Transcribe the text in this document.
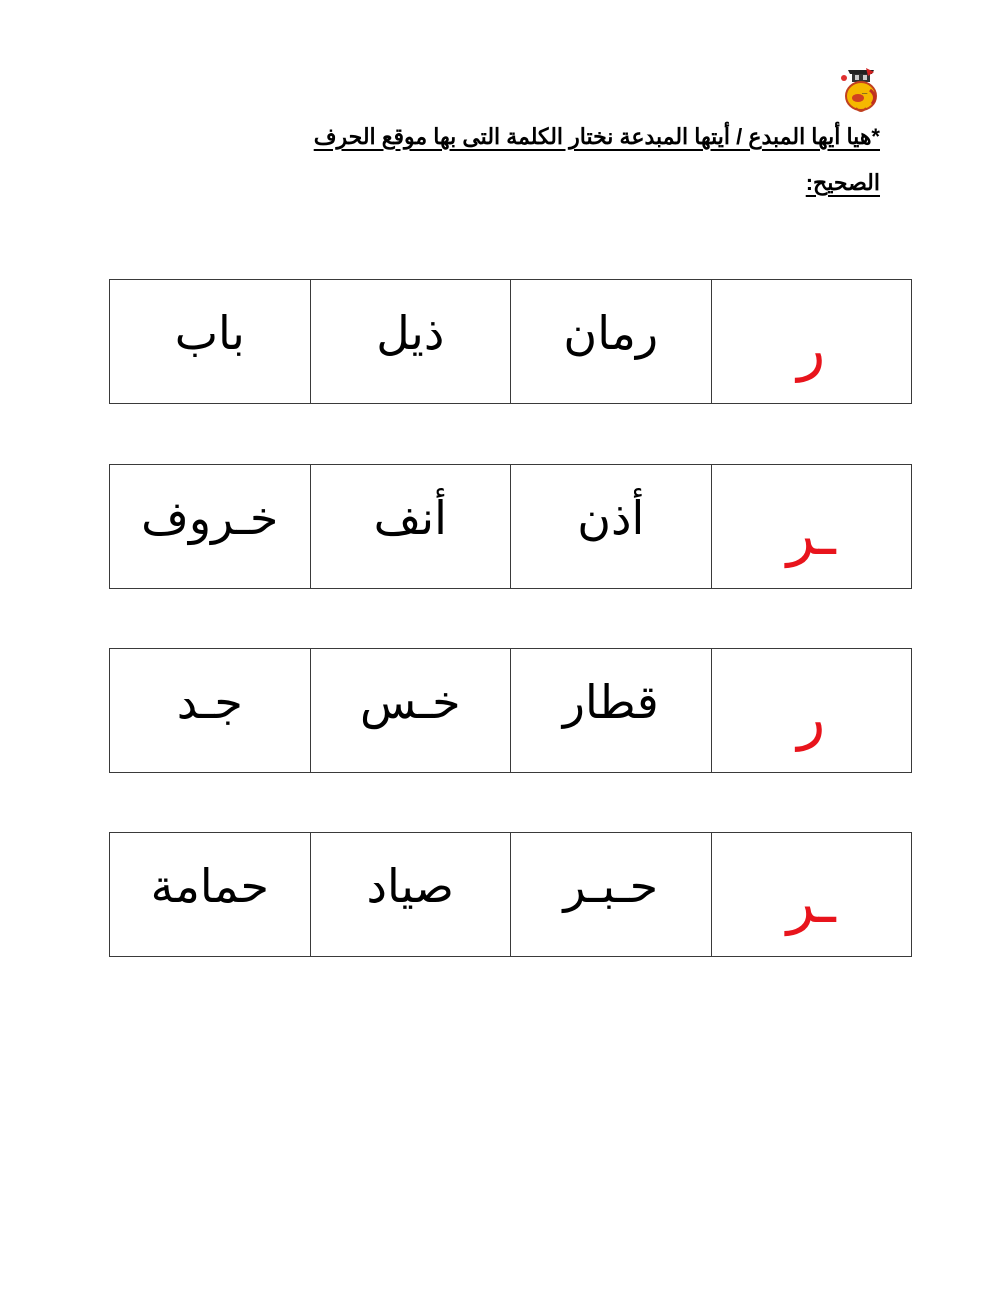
ـــ
*هيا أيها المبدع / أيتها المبدعة نختار الكلمة التى بها موقع الحرف
الصحيح:
ر
رمان
ذيل
باب
ـر
أذن
أنف
خـروف
ر
قطار
خـس
جـد
ـر
حـبـر
صياد
حمامة
